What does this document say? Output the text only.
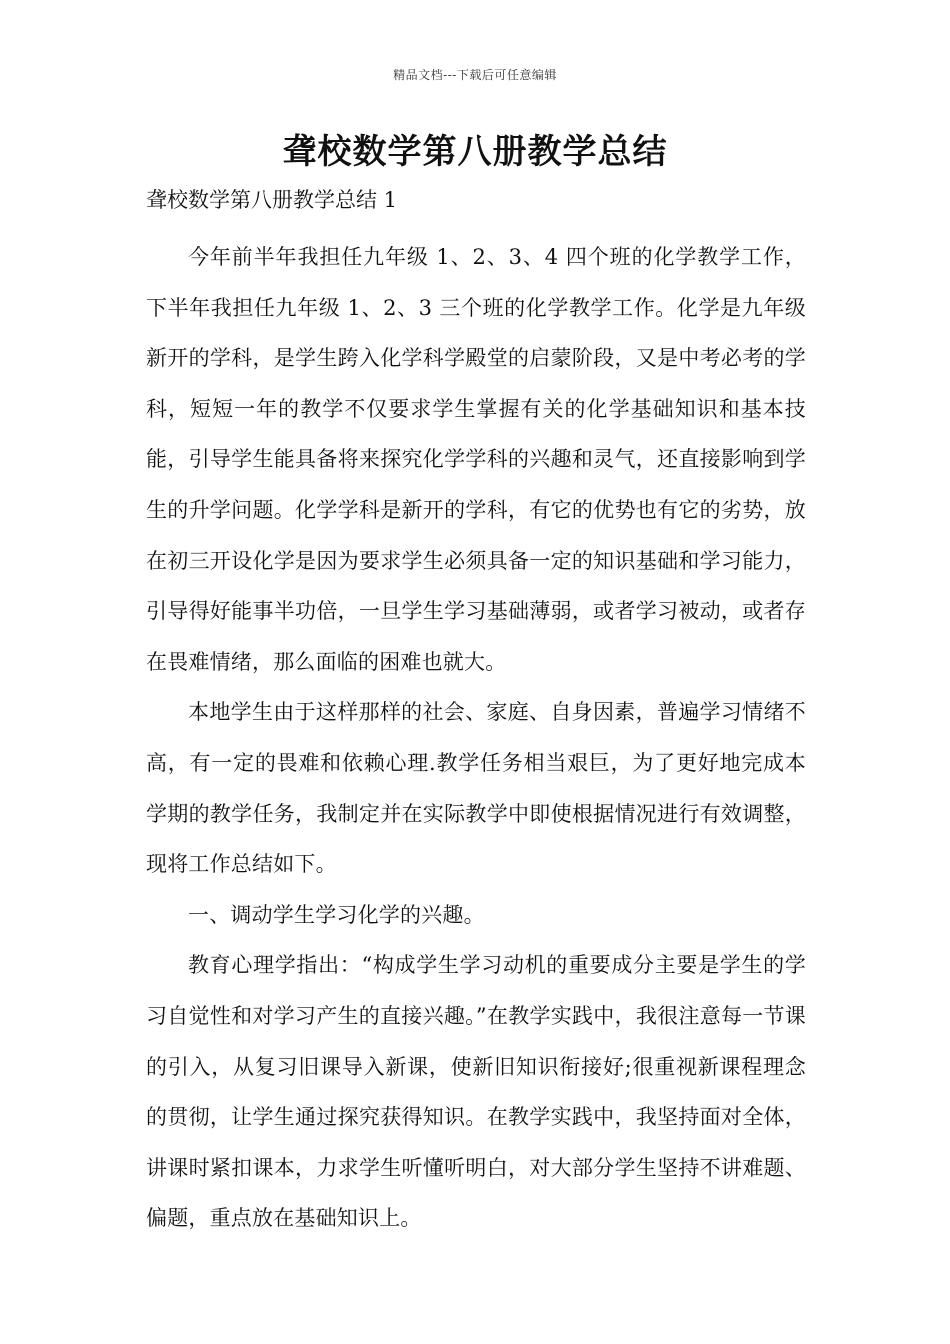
精品文档---下载后可任意编辑
聋校数学第八册教学总结

聋校数学第八册教学总结 1

今年前半年我担任九年级 1、2、3、4 四个班的化学教学工作，下半年我担任九年级 1、2、3 三个班的化学教学工作。化学是九年级新开的学科，是学生跨入化学科学殿堂的启蒙阶段，又是中考必考的学科，短短一年的教学不仅要求学生掌握有关的化学基础知识和基本技能，引导学生能具备将来探究化学学科的兴趣和灵气，还直接影响到学生的升学问题。化学学科是新开的学科，有它的优势也有它的劣势，放在初三开设化学是因为要求学生必须具备一定的知识基础和学习能力，引导得好能事半功倍，一旦学生学习基础薄弱，或者学习被动，或者存在畏难情绪，那么面临的困难也就大。

本地学生由于这样那样的社会、家庭、自身因素，普遍学习情绪不高，有一定的畏难和依赖心理.教学任务相当艰巨，为了更好地完成本学期的教学任务，我制定并在实际教学中即使根据情况进行有效调整，现将工作总结如下。

一、调动学生学习化学的兴趣。

教育心理学指出：“构成学生学习动机的重要成分主要是学生的学习自觉性和对学习产生的直接兴趣。”在教学实践中，我很注意每一节课的引入，从复习旧课导入新课，使新旧知识衔接好;很重视新课程理念的贯彻，让学生通过探究获得知识。在教学实践中，我坚持面对全体，讲课时紧扣课本，力求学生听懂听明白，对大部分学生坚持不讲难题、偏题，重点放在基础知识上。
